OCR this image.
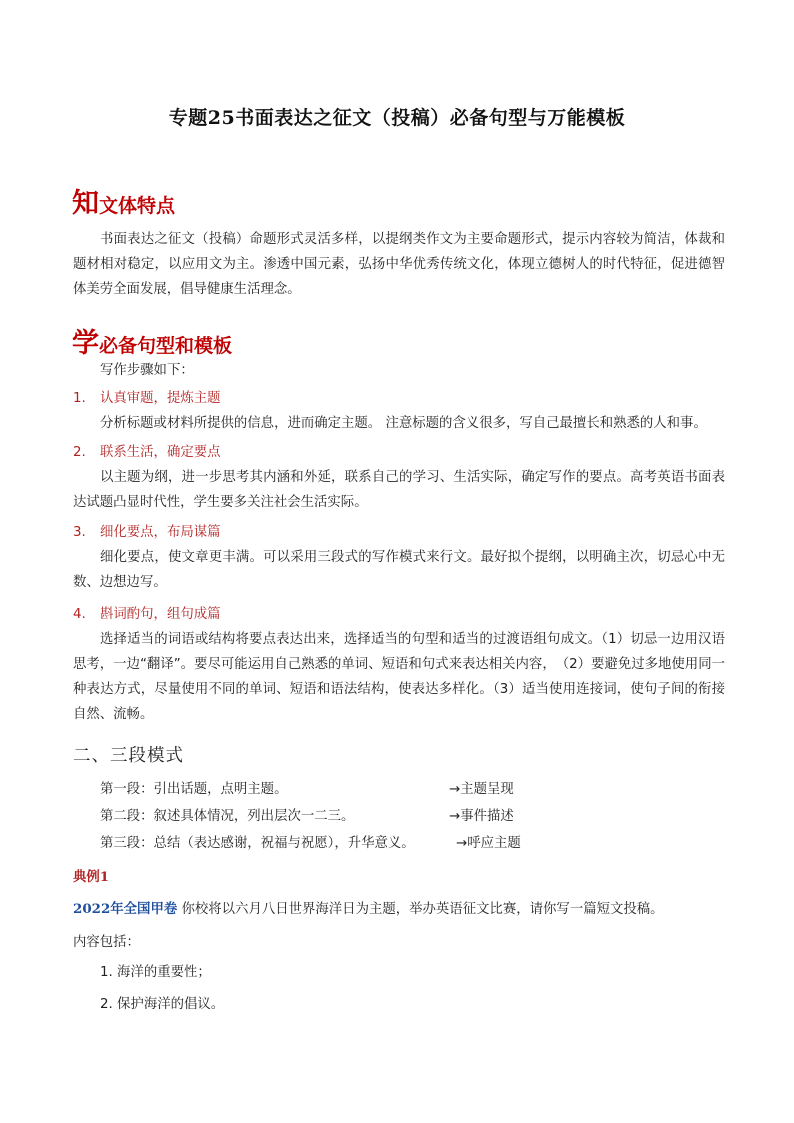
专题25书面表达之征文（投稿）必备句型与万能模板
知文体特点

书面表达之征文（投稿）命题形式灵活多样，以提纲类作文为主要命题形式，提示内容较为简洁，体裁和题材相对稳定，以应用文为主。渗透中国元素，弘扬中华优秀传统文化，体现立德树人的时代特征，促进德智体美劳全面发展，倡导健康生活理念。

学必备句型和模板
写作步骤如下：
1. 认真审题，提炼主题

分析标题或材料所提供的信息，进而确定主题。 注意标题的含义很多，写自己最擅长和熟悉的人和事。

2. 联系生活，确定要点

以主题为纲，进一步思考其内涵和外延，联系自己的学习、生活实际，确定写作的要点。高考英语书面表达试题凸显时代性，学生要多关注社会生活实际。

3. 细化要点，布局谋篇

细化要点，使文章更丰满。可以采用三段式的写作模式来行文。最好拟个提纲，以明确主次，切忌心中无数、边想边写。

4. 斟词酌句，组句成篇

选择适当的词语或结构将要点表达出来，选择适当的句型和适当的过渡语组句成文。（1）切忌一边用汉语思考，一边“翻译”。要尽可能运用自己熟悉的单词、短语和句式来表达相关内容，　（2）要避免过多地使用同一种表达方式，尽量使用不同的单词、短语和语法结构，使表达多样化。（3）适当使用连接词，使句子间的衔接自然、流畅。

二、三段模式
第一段：引出话题，点明主题。	→主题呈现
第二段：叙述具体情况，列出层次一二三。	→事件描述
第三段：总结（表达感谢，祝福与祝愿），升华意义。	→呼应主题
典例1
2022年全国甲卷 你校将以六月八日世界海洋日为主题，举办英语征文比赛，请你写一篇短文投稿。
内容包括：
1. 海洋的重要性；
2. 保护海洋的倡议。
